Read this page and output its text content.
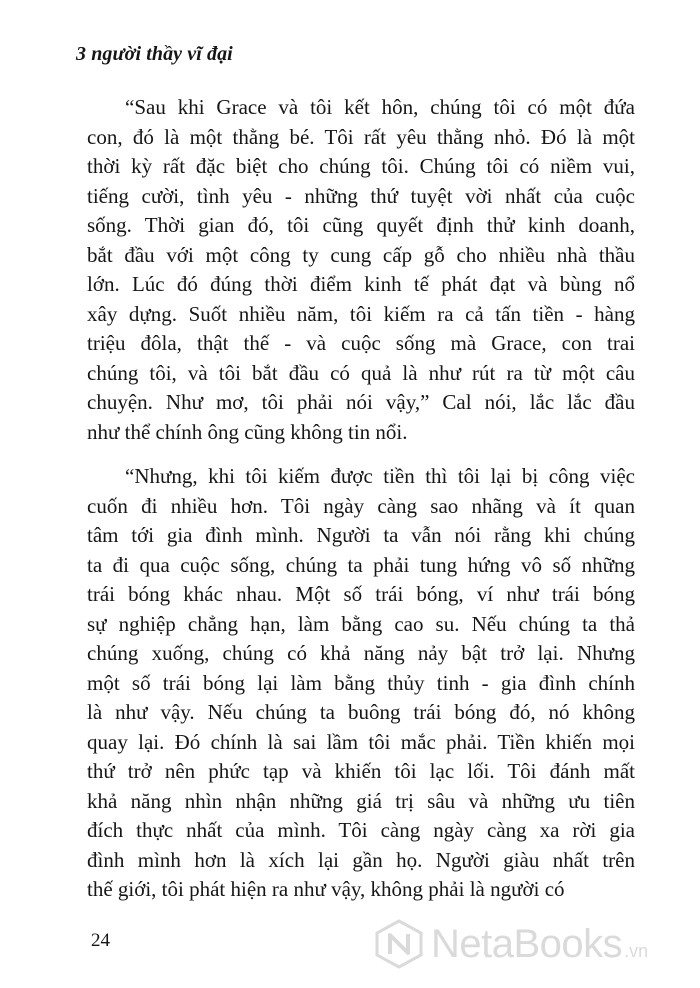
3 người thầy vĩ đại
“Sau khi Grace và tôi kết hôn, chúng tôi có một đứa
con, đó là một thằng bé. Tôi rất yêu thằng nhỏ. Đó là một
thời kỳ rất đặc biệt cho chúng tôi. Chúng tôi có niềm vui,
tiếng cười, tình yêu - những thứ tuyệt vời nhất của cuộc
sống. Thời gian đó, tôi cũng quyết định thử kinh doanh,
bắt đầu với một công ty cung cấp gỗ cho nhiều nhà thầu
lớn. Lúc đó đúng thời điểm kinh tế phát đạt và bùng nổ
xây dựng. Suốt nhiều năm, tôi kiếm ra cả tấn tiền - hàng
triệu đôla, thật thế - và cuộc sống mà Grace, con trai
chúng tôi, và tôi bắt đầu có quả là như rút ra từ một câu
chuyện. Như mơ, tôi phải nói vậy,” Cal nói, lắc lắc đầu
như thể chính ông cũng không tin nổi.
“Nhưng, khi tôi kiếm được tiền thì tôi lại bị công việc
cuốn đi nhiều hơn. Tôi ngày càng sao nhãng và ít quan
tâm tới gia đình mình. Người ta vẫn nói rằng khi chúng
ta đi qua cuộc sống, chúng ta phải tung hứng vô số những
trái bóng khác nhau. Một số trái bóng, ví như trái bóng
sự nghiệp chẳng hạn, làm bằng cao su. Nếu chúng ta thả
chúng xuống, chúng có khả năng nảy bật trở lại. Nhưng
một số trái bóng lại làm bằng thủy tinh - gia đình chính
là như vậy. Nếu chúng ta buông trái bóng đó, nó không
quay lại. Đó chính là sai lầm tôi mắc phải. Tiền khiến mọi
thứ trở nên phức tạp và khiến tôi lạc lối. Tôi đánh mất
khả năng nhìn nhận những giá trị sâu và những ưu tiên
đích thực nhất của mình. Tôi càng ngày càng xa rời gia
đình mình hơn là xích lại gần họ. Người giàu nhất trên
thế giới, tôi phát hiện ra như vậy, không phải là người có
24	NetaBooks .vn
